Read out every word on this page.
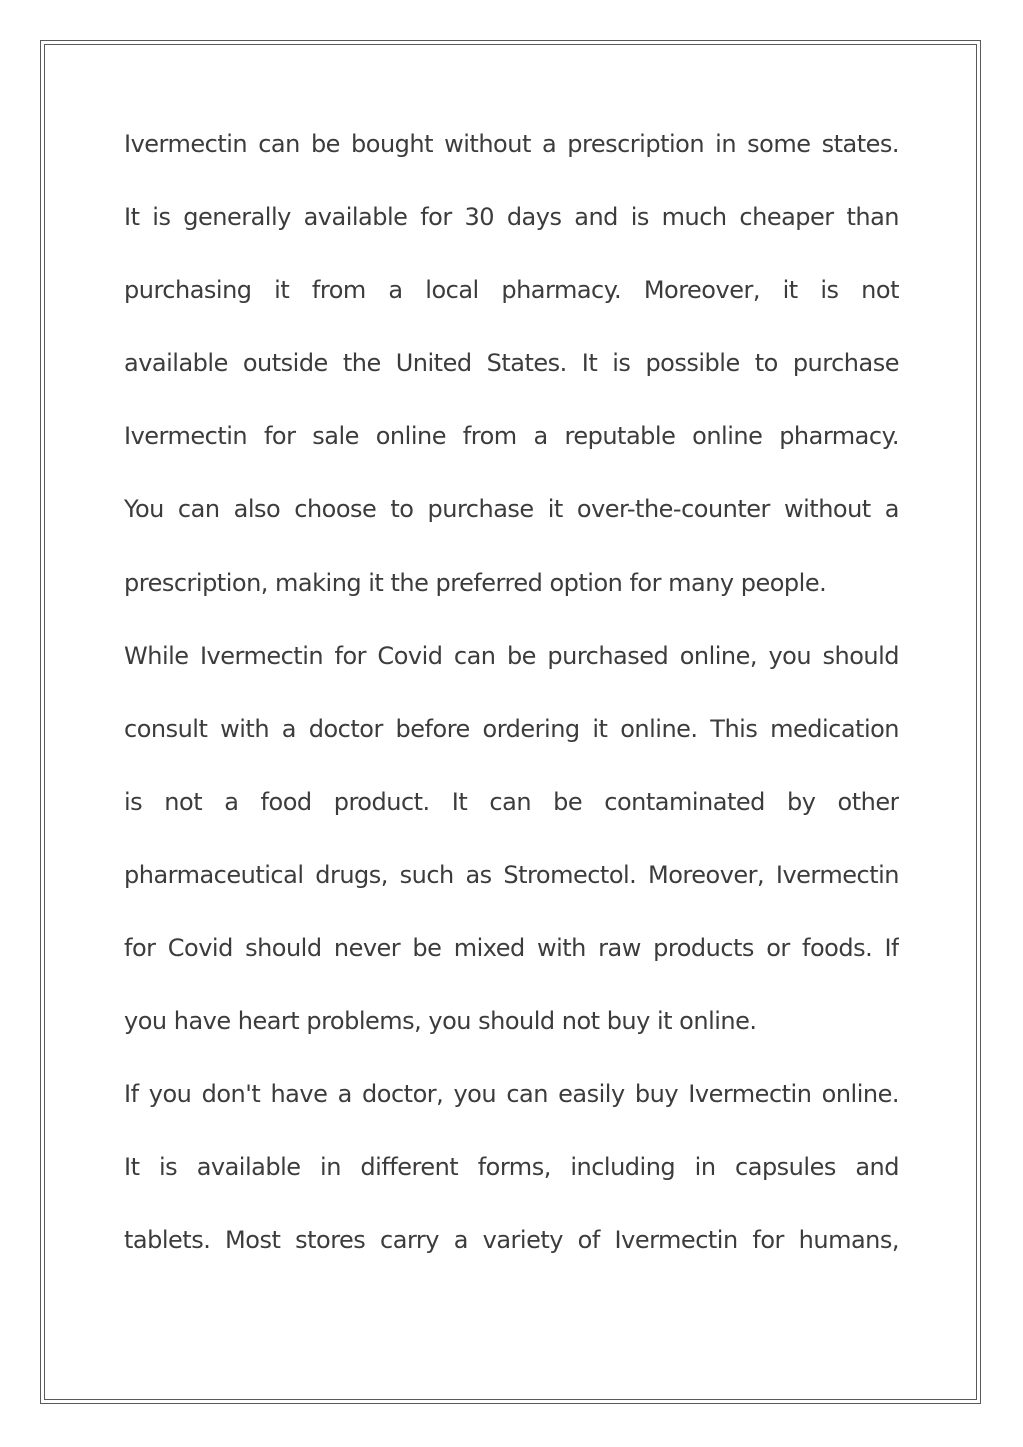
Ivermectin can be bought without a prescription in some states.
It is generally available for 30 days and is much cheaper than
purchasing it from a local pharmacy. Moreover, it is not
available outside the United States. It is possible to purchase
Ivermectin for sale online from a reputable online pharmacy.
You can also choose to purchase it over-the-counter without a
prescription, making it the preferred option for many people.
While Ivermectin for Covid can be purchased online, you should
consult with a doctor before ordering it online. This medication
is not a food product. It can be contaminated by other
pharmaceutical drugs, such as Stromectol. Moreover, Ivermectin
for Covid should never be mixed with raw products or foods. If
you have heart problems, you should not buy it online.
If you don't have a doctor, you can easily buy Ivermectin online.
It is available in different forms, including in capsules and
tablets. Most stores carry a variety of Ivermectin for humans,
